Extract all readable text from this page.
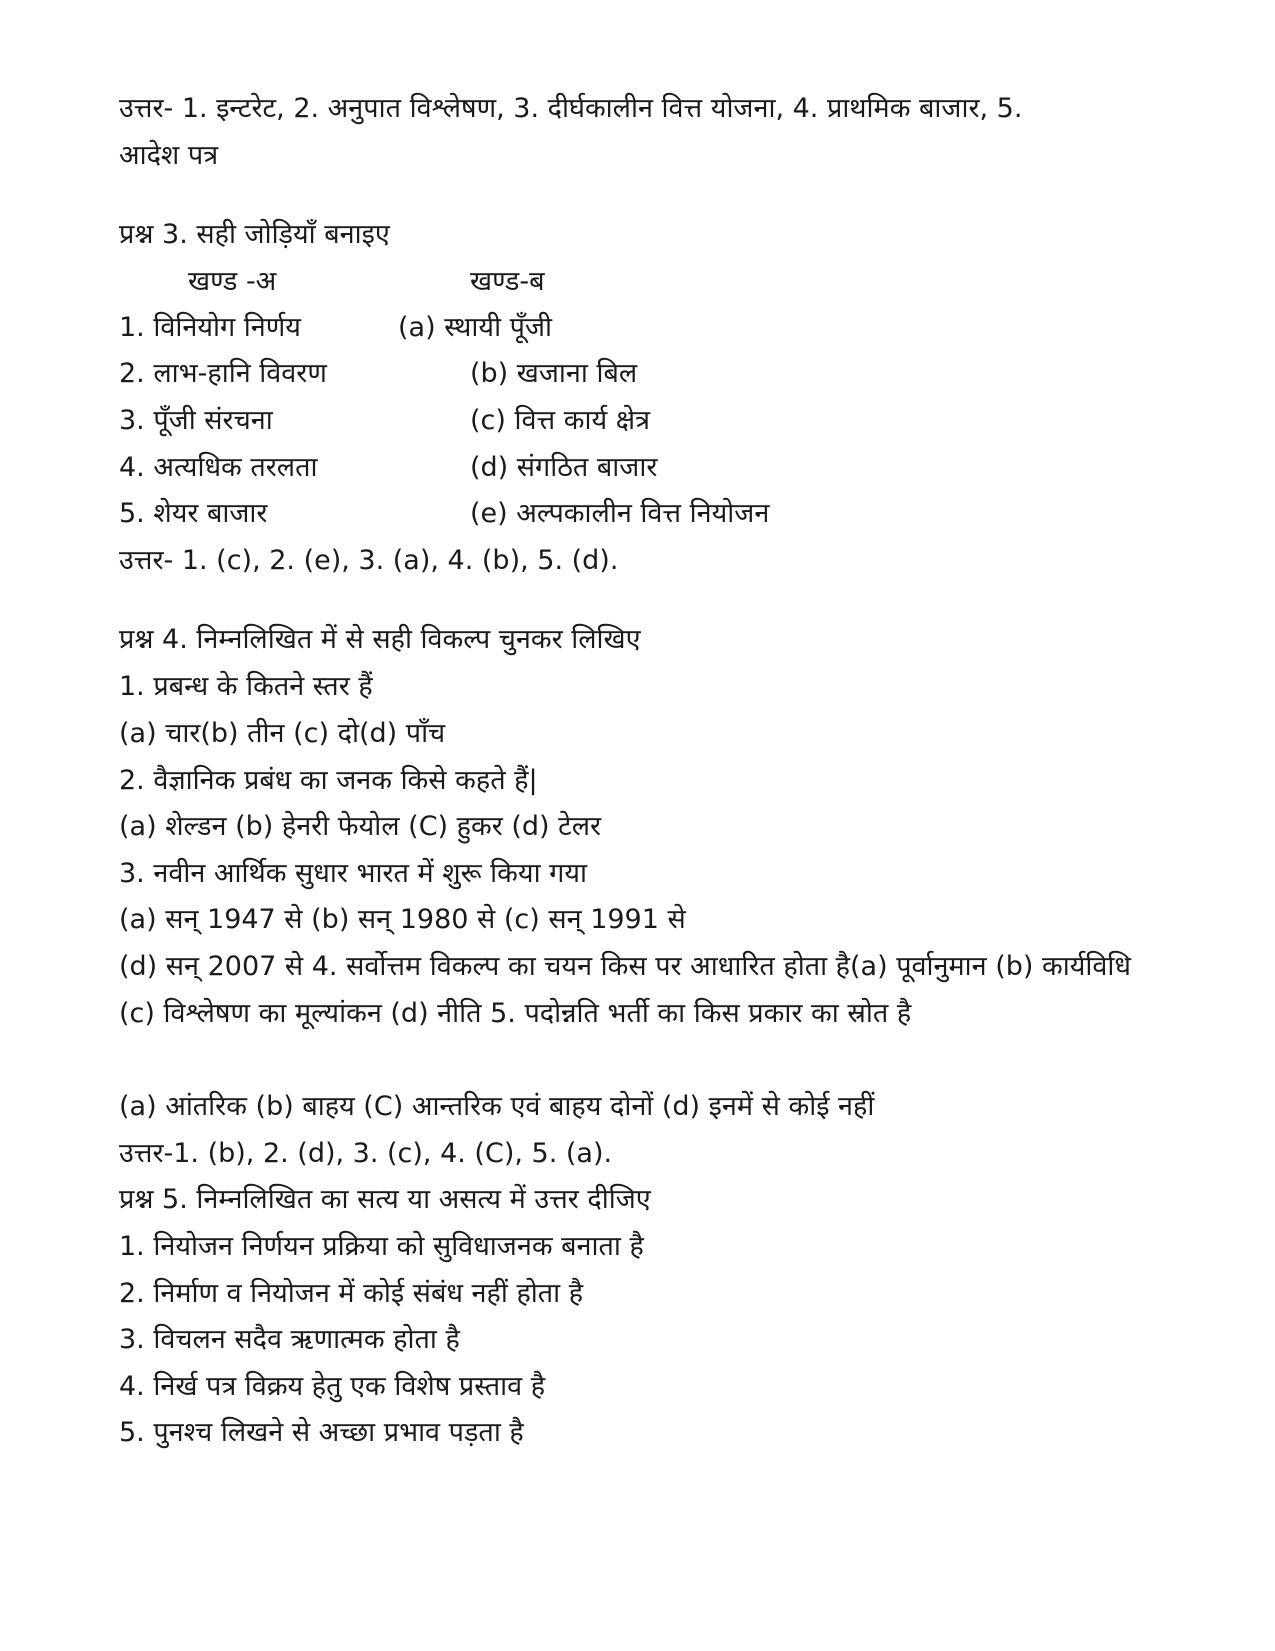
उत्तर- 1. इन्टरेट, 2. अनुपात विश्लेषण, 3. दीर्घकालीन वित्त योजना, 4. प्राथमिक बाजार, 5.
आदेश पत्र
प्रश्न 3. सही जोड़ियाँ बनाइए
खण्ड -अ	खण्ड-ब
1. विनियोग निर्णय	(a) स्थायी पूँजी
2. लाभ-हानि विवरण	(b) खजाना बिल
3. पूँजी संरचना	(c) वित्त कार्य क्षेत्र
4. अत्यधिक तरलता	(d) संगठित बाजार
5. शेयर बाजार	(e) अल्पकालीन वित्त नियोजन
उत्तर- 1. (c), 2. (e), 3. (a), 4. (b), 5. (d).
प्रश्न 4. निम्नलिखित में से सही विकल्प चुनकर लिखिए
1. प्रबन्ध के कितने स्तर हैं
(a) चार(b) तीन (c) दो(d) पाँच
2. वैज्ञानिक प्रबंध का जनक किसे कहते हैं|
(a) शेल्डन (b) हेनरी फेयोल (C) हुकर (d) टेलर
3. नवीन आर्थिक सुधार भारत में शुरू किया गया
(a) सन् 1947 से (b) सन् 1980 से (c) सन् 1991 से
(d) सन् 2007 से 4. सर्वोत्तम विकल्प का चयन किस पर आधारित होता है(a) पूर्वानुमान (b) कार्यविधि (c) विश्लेषण का मूल्यांकन (d) नीति 5. पदोन्नति भर्ती का किस प्रकार का स्रोत है
(a) आंतरिक (b) बाहय (C) आन्तरिक एवं बाहय दोनों (d) इनमें से कोई नहीं
उत्तर-1. (b), 2. (d), 3. (c), 4. (C), 5. (a).
प्रश्न 5. निम्नलिखित का सत्य या असत्य में उत्तर दीजिए
1. नियोजन निर्णयन प्रक्रिया को सुविधाजनक बनाता है
2. निर्माण व नियोजन में कोई संबंध नहीं होता है
3. विचलन सदैव ऋणात्मक होता है
4. निर्ख पत्र विक्रय हेतु एक विशेष प्रस्ताव है
5. पुनश्च लिखने से अच्छा प्रभाव पड़ता है
